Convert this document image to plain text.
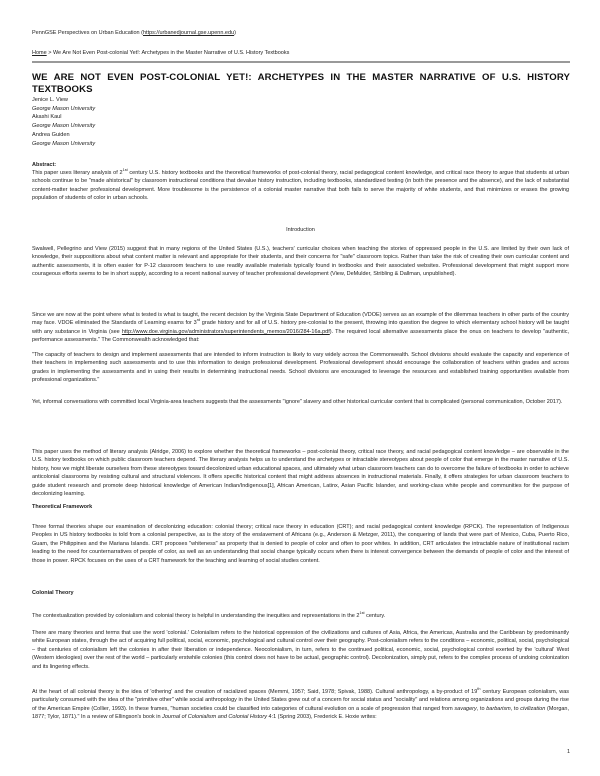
PennGSE Perspectives on Urban Education (https://urbanedjournal.gse.upenn.edu)
Home > We Are Not Even Post-colonial Yet!: Archetypes in the Master Narrative of U.S. History Textbooks
WE ARE NOT EVEN POST-COLONIAL YET!: ARCHETYPES IN THE MASTER NARRATIVE OF U.S. HISTORY TEXTBOOKS
Jenice L. View
George Mason University
Akashi Kaul
George Mason University
Andrea Guiden
George Mason University
Abstract:
This paper uses literary analysis of $2^{1st}$ century U.S. history textbooks and the theoretical frameworks of post-colonial theory, racial pedagogical content knowledge, and critical race theory to argue that students at urban schools continue to be "made ahistorical" by classroom instructional conditions that devalue history instruction, including textbooks, standardized testing (in both the presence and the absence), and the lack of substantial content-matter teacher professional development. More troublesome is the persistence of a colonial master narrative that both fails to serve the majority of white students, and that minimizes or erases the growing population of students of color in urban schools.
Introduction
Swalwell, Pellegrino and View (2015) suggest that in many regions of the United States (U.S.), teachers' curricular choices when teaching the stories of oppressed people in the U.S. are limited by their own lack of knowledge, their suppositions about what content matter is relevant and appropriate for their students, and their concerns for "safe" classroom topics. Rather than take the risk of creating their own curricular content and authentic assessments, it is often easier for P-12 classroom teachers to use readily available materials typically found in textbooks and their associated websites. Professional development that might support more courageous efforts seems to be in short supply, according to a recent national survey of teacher professional development (View, DeMulder, Stribling & Dallman, unpublished).
Since we are now at the point where what is tested is what is taught, the recent decision by the Virginia State Department of Education (VDOE) serves as an example of the dilemmas teachers in other parts of the country may face. VDOE eliminated the Standards of Learning exams for 3rd grade history and for all of U.S. history pre-colonial to the present, throwing into question the degree to which elementary school history will be taught with any substance in Virginia (see http://www.doe.virginia.gov/administrators/superintendents_memos/2016/284-16a.pdf). The required local alternative assessments place the onus on teachers to develop "authentic, performance assessments." The Commonwealth acknowledged that:
"The capacity of teachers to design and implement assessments that are intended to inform instruction is likely to vary widely across the Commonwealth. School divisions should evaluate the capacity and experience of their teachers in implementing such assessments and to use this information to design professional development. Professional development should encourage the collaboration of teachers within grades and across grades in implementing the assessments and in using their results in determining instructional needs. School divisions are encouraged to leverage the resources and established training opportunities available from professional organizations."
Yet, informal conversations with committed local Virginia-area teachers suggests that the assessments "ignore" slavery and other historical curricular content that is complicated (personal communication, October 2017).
This paper uses the method of literary analysis (Alridge, 2006) to explore whether the theoretical frameworks – post-colonial theory, critical race theory, and racial pedagogical content knowledge – are observable in the U.S. history textbooks on which public classroom teachers depend. The literary analysis helps us to understand the archetypes or intractable stereotypes about people of color that emerge in the master narrative of U.S. history, how we might liberate ourselves from these stereotypes toward decolonized urban educational spaces, and ultimately what urban classroom teachers can do to overcome the failure of textbooks in order to achieve anticolonial classrooms by resisting cultural and structural violences. It offers specific historical content that might address absences in instructional materials. Finally, it offers strategies for urban classroom teachers to guide student research and promote deep historical knowledge of American Indian/Indigenous[1], African American, Latinx, Asian Pacific Islander, and working-class white people and communities for the purpose of decolonizing learning.
Theoretical Framework
Three formal theories shape our examination of decolonizing education: colonial theory; critical race theory in education (CRT); and racial pedagogical content knowledge (RPCK). The representation of Indigenous Peoples in US history textbooks is told from a colonial perspective, as is the story of the enslavement of Africans (e.g., Anderson & Metzger, 2011), the conquering of lands that were part of Mexico, Cuba, Puerto Rico, Guam, the Philippines and the Mariana Islands. CRT proposes "whiteness" as property that is denied to people of color and often to poor whites. In addition, CRT articulates the intractable nature of institutional racism leading to the need for counternarratives of people of color, as well as an understanding that social change typically occurs when there is interest convergence between the demands of people of color and the interest of those in power. RPCK focuses on the uses of a CRT framework for the teaching and learning of social studies content.
Colonial Theory
The contextualization provided by colonialism and colonial theory is helpful in understanding the inequities and representations in the $2^{1st}$ century.
There are many theories and terms that use the word 'colonial.' Colonialism refers to the historical oppression of the civilizations and cultures of Asia, Africa, the Americas, Australia and the Caribbean by predominantly white European states, through the act of acquiring full political, social, economic, psychological and cultural control over their geography. Post-colonialism refers to the conditions – economic, political, social, psychological – that centuries of colonialism left the colonies in after their liberation or independence. Neocolonialism, in turn, refers to the continued political, economic, social, psychological control exerted by the 'cultural' West (Western ideologies) over the rest of the world – particularly erstwhile colonies (this control does not have to be actual, geographic control). Decolonization, simply put, refers to the complex process of undoing colonization and its lingering effects.
At the heart of all colonial theory is the idea of 'othering' and the creation of racialized spaces (Memmi, 1957; Said, 1978; Spivak, 1988). Cultural anthropology, a by-product of 19th century European colonialism, was particularly consumed with the idea of the "primitive other" while social anthropology in the United States grew out of a concern for social status and "sociality" and relations among organizations and groups during the rise of the American Empire (Collier, 1993). In these frames, "human societies could be classified into categories of cultural evolution on a scale of progression that ranged from savagery, to barbarism, to civilization (Morgan, 1877; Tylor, 1871)." In a review of Ellingson's book in Journal of Colonialism and Colonial History 4:1 (Spring 2003), Frederick E. Hoxie writes:
1
